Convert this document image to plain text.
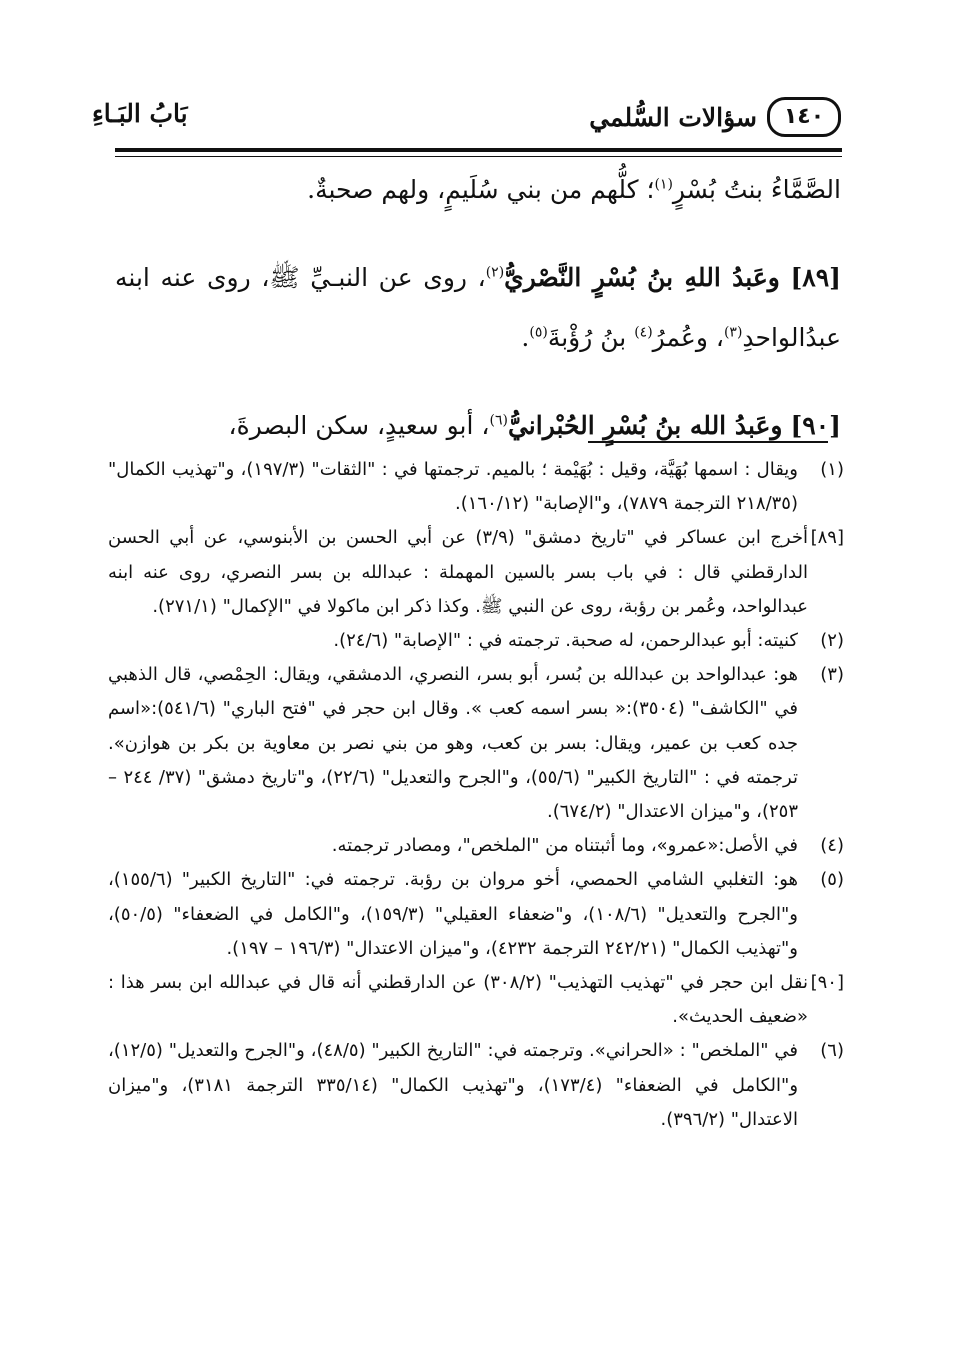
١٤٠
سؤالات السُّلمي
بَابُ البَـاءِ

الصَّمَّاءُ بنتُ بُسْرٍ$^{(١)}$؛ كلُّهم من بني سُلَيمٍ، ولهم صحبةٌ.

[٨٩] وعَبدُ اللهِ بنُ بُسْرٍ النَّصْريُّ$^{(٢)}$، روى عن النبـيِّ ﷺ، روى عنه ابنه عبدُالواحدِ$^{(٣)}$، وعُمرُ$^{(٤)}$ بنُ رُؤْبةَ$^{(٥)}$.

[٩٠] وعَبدُ الله بنُ بُسْرٍ الحُبْرانيُّ$^{(٦)}$، أبو سعيدٍ، سكن البصرةَ،

(١)
ويقال : اسمها بُهَيَّة، وقيل : بُهَيْمة ؛ بالميم. ترجمتها في : "الثقات" (١٩٧/٣)، و"تهذيب الكمال" (٢١٨/٣٥ الترجمة ٧٨٧٩)، و"الإصابة" (١٦٠/١٢).
[٨٩]
أخرج ابن عساكر في "تاريخ دمشق" (٣/٩) عن أبي الحسن بن الأبنوسي، عن أبي الحسن الدارقطني قال : في باب بسر بالسين المهملة : عبدالله بن بسر النصري، روى عنه ابنه عبدالواحد، وعُمر بن رؤبة، روى عن النبي ﷺ. وكذا ذكر ابن ماكولا في "الإكمال" (٢٧١/١).
(٢)
كنيته: أبو عبدالرحمن، له صحبة. ترجمته في : "الإصابة" (٢٤/٦).
(٣)
هو: عبدالواحد بن عبدالله بن بُسر، أبو بسر، النصري، الدمشقي، ويقال: الحِمْصي، قال الذهبي في "الكاشف" (٣٥٠٤):« بسر اسمه كعب ». وقال ابن حجر في "فتح الباري" (٥٤١/٦):«اسم جده كعب بن عمير، ويقال: بسر بن كعب، وهو من بني نصر بن معاوية بن بكر بن هوازن». ترجمته في : "التاريخ الكبير" (٥٥/٦)، و"الجرح والتعديل" (٢٢/٦)، و"تاريخ دمشق" (٣٧/ ٢٤٤ – ٢٥٣)، و"ميزان الاعتدال" (٦٧٤/٢).
(٤)
في الأصل:«عمرو»، وما أثبتناه من "الملخص"، ومصادر ترجمته.
(٥)
هو: التغلبي الشامي الحمصي، أخو مروان بن رؤبة. ترجمته في: "التاريخ الكبير" (١٥٥/٦)، و"الجرح والتعديل" (١٠٨/٦)، و"ضعفاء العقيلي" (١٥٩/٣)، و"الكامل في الضعفاء" (٥٠/٥)، و"تهذيب الكمال" (٢٤٢/٢١ الترجمة ٤٢٣٢)، و"ميزان الاعتدال" (١٩٦/٣ – ١٩٧).
[٩٠]
نقل ابن حجر في "تهذيب التهذيب" (٣٠٨/٢) عن الدارقطني أنه قال في عبدالله ابن بسر هذا : «ضعيف الحديث».
(٦)
في "الملخص" : «الحراني». وترجمته في: "التاريخ الكبير" (٤٨/٥)، و"الجرح والتعديل" (١٢/٥)، و"الكامل في الضعفاء" (١٧٣/٤)، و"تهذيب الكمال" (٣٣٥/١٤ الترجمة ٣١٨١)، و"ميزان الاعتدال" (٣٩٦/٢).
